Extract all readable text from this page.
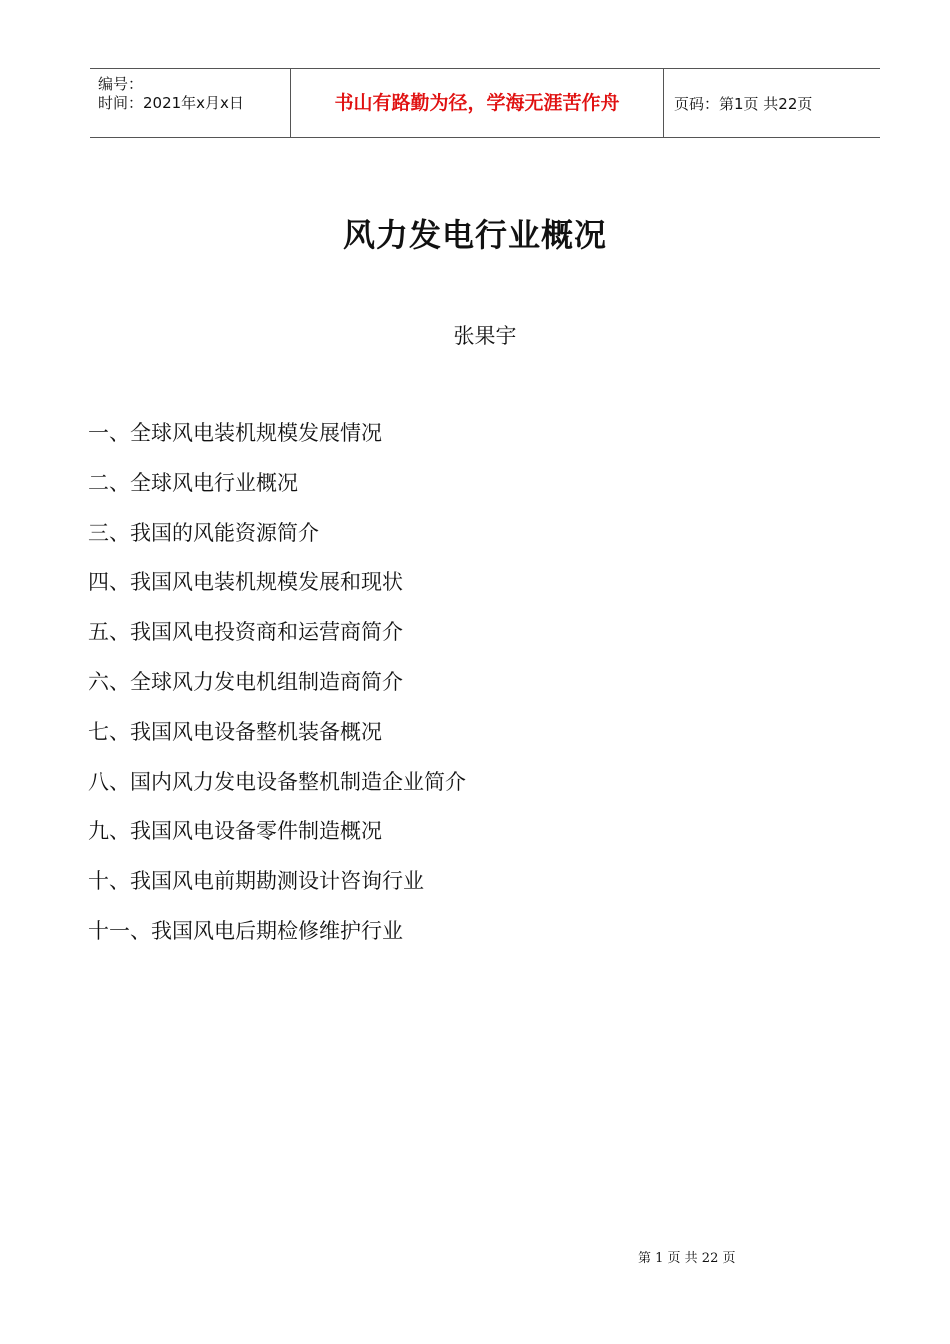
编号：
时间：2021年x月x日	书山有路勤为径，学海无涯苦作舟	页码：第1页 共22页
风力发电行业概况
张果宇
一、全球风电装机规模发展情况
二、全球风电行业概况
三、我国的风能资源简介
四、我国风电装机规模发展和现状
五、我国风电投资商和运营商简介
六、全球风力发电机组制造商简介
七、我国风电设备整机装备概况
八、国内风力发电设备整机制造企业简介
九、我国风电设备零件制造概况
十、我国风电前期勘测设计咨询行业
十一、我国风电后期检修维护行业
第 1 页 共 22 页
